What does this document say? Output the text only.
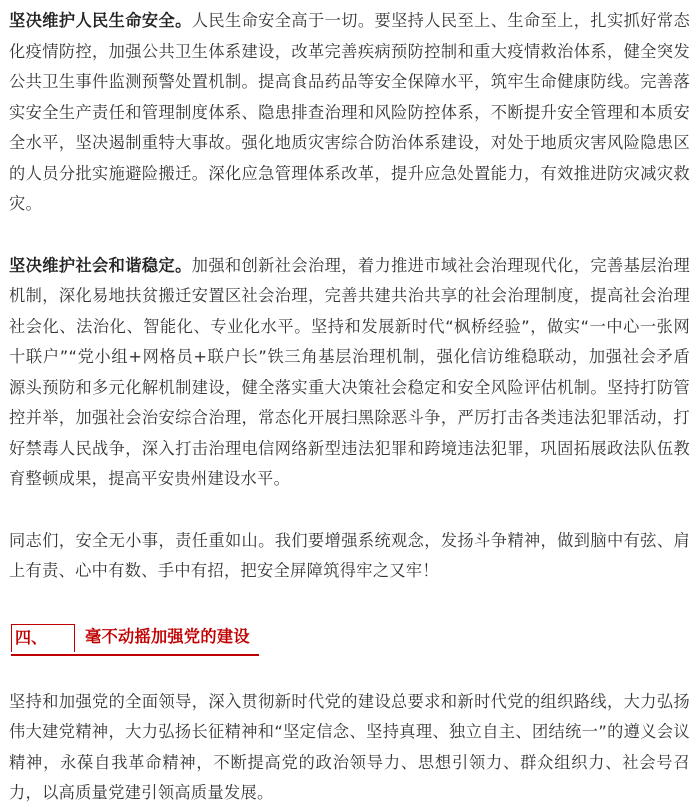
坚决维护人民生命安全。人民生命安全高于一切。要坚持人民至上、生命至上，扎实抓好常态化疫情防控，加强公共卫生体系建设，改革完善疾病预防控制和重大疫情救治体系，健全突发公共卫生事件监测预警处置机制。提高食品药品等安全保障水平，筑牢生命健康防线。完善落实安全生产责任和管理制度体系、隐患排查治理和风险防控体系，不断提升安全管理和本质安全水平，坚决遏制重特大事故。强化地质灾害综合防治体系建设，对处于地质灾害风险隐患区的人员分批实施避险搬迁。深化应急管理体系改革，提升应急处置能力，有效推进防灾减灾救灾。

坚决维护社会和谐稳定。加强和创新社会治理，着力推进市域社会治理现代化，完善基层治理机制，深化易地扶贫搬迁安置区社会治理，完善共建共治共享的社会治理制度，提高社会治理社会化、法治化、智能化、专业化水平。坚持和发展新时代“枫桥经验”，做实“一中心一张网十联户”“党小组+网格员+联户长”铁三角基层治理机制，强化信访维稳联动，加强社会矛盾源头预防和多元化解机制建设，健全落实重大决策社会稳定和安全风险评估机制。坚持打防管控并举，加强社会治安综合治理，常态化开展扫黑除恶斗争，严厉打击各类违法犯罪活动，打好禁毒人民战争，深入打击治理电信网络新型违法犯罪和跨境违法犯罪，巩固拓展政法队伍教育整顿成果，提高平安贵州建设水平。

同志们，安全无小事，责任重如山。我们要增强系统观念，发扬斗争精神，做到脑中有弦、肩上有责、心中有数、手中有招，把安全屏障筑得牢之又牢！

四、	毫不动摇加强党的建设

坚持和加强党的全面领导，深入贯彻新时代党的建设总要求和新时代党的组织路线，大力弘扬伟大建党精神，大力弘扬长征精神和“坚定信念、坚持真理、独立自主、团结统一”的遵义会议精神，永葆自我革命精神，不断提高党的政治领导力、思想引领力、群众组织力、社会号召力，以高质量党建引领高质量发展。
